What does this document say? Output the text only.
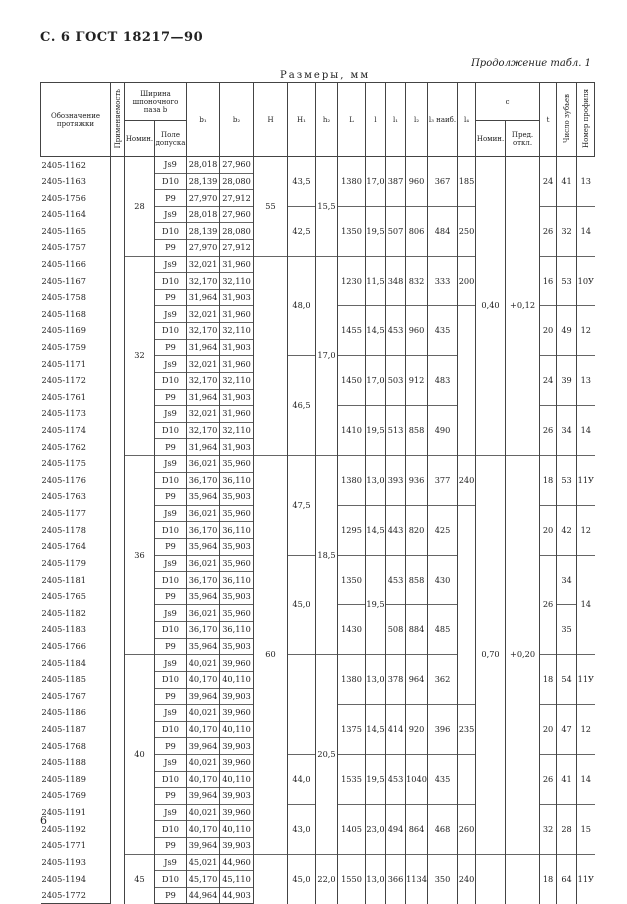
С. 6 ГОСТ 18217—90
Продолжение табл. 1
Размеры, мм
Обозначение протяжки	Применяемость	Ширина шпоночного паза b		b₁	b₂	H	H₁	h₂	L	l	l₁	l₂	l₃ наиб.	l₄	c		t	Число зубьев	Номер профиля
		Номин.	Поле допуска												Номин.	Пред. откл.			
2405-1162		28	Js9	28,018	27,960	55	43,5	15,5	1380	17,0	387	960	367	185	0,40	+0,12	24	41	13
2405-1163			D10	28,139	28,080														
2405-1756			P9	27,970	27,912														
2405-1164			Js9	28,018	27,960		42,5		1350	19,5	507	806	484	250			26	32	14
2405-1165			D10	28,139	28,080														
2405-1757			P9	27,970	27,912														
2405-1166		32	Js9	32,021	31,960		48,0	17,0	1230	11,5	348	832	333	200			16	53	10У
2405-1167			D10	32,170	32,110														
2405-1758			P9	31,964	31,903														
2405-1168			Js9	32,021	31,960				1455	14,5	453	960	435				20	49	12
2405-1169			D10	32,170	32,110														
2405-1759			P9	31,964	31,903														
2405-1171			Js9	32,021	31,960		46,5		1450	17,0	503	912	483				24	39	13
2405-1172			D10	32,170	32,110														
2405-1761			P9	31,964	31,903														
2405-1173			Js9	32,021	31,960				1410	19,5	513	858	490				26	34	14
2405-1174			D10	32,170	32,110														
2405-1762			P9	31,964	31,903														
2405-1175		36	Js9	36,021	35,960	60	47,5	18,5	1380	13,0	393	936	377	240	0,70	+0,20	18	53	11У
2405-1176			D10	36,170	36,110														
2405-1763			P9	35,964	35,903														
2405-1177			Js9	36,021	35,960				1295	14,5	443	820	425				20	42	12
2405-1178			D10	36,170	36,110														
2405-1764			P9	35,964	35,903														
2405-1179			Js9	36,021	35,960		45,0		1350	19,5	453	858	430				26	34	14
2405-1181			D10	36,170	36,110														
2405-1765			P9	35,964	35,903														
2405-1182			Js9	36,021	35,960				1430		508	884	485					35	
2405-1183			D10	36,170	36,110														
2405-1766			P9	35,964	35,903														
2405-1184		40	Js9	40,021	39,960			20,5	1380	13,0	378	964	362				18	54	11У
2405-1185			D10	40,170	40,110														
2405-1767			P9	39,964	39,903														
2405-1186			Js9	40,021	39,960				1375	14,5	414	920	396	235			20	47	12
2405-1187			D10	40,170	40,110														
2405-1768			P9	39,964	39,903														
2405-1188			Js9	40,021	39,960		44,0		1535	19,5	453	1040	435				26	41	14
2405-1189			D10	40,170	40,110														
2405-1769			P9	39,964	39,903														
2405-1191			Js9	40,021	39,960		43,0		1405	23,0	494	864	468	260			32	28	15
2405-1192			D10	40,170	40,110														
2405-1771			P9	39,964	39,903														
2405-1193		45	Js9	45,021	44,960		45,0	22,0	1550	13,0	366	1134	350	240			18	64	11У
2405-1194			D10	45,170	45,110														
2405-1772			P9	44,964	44,903														
6
